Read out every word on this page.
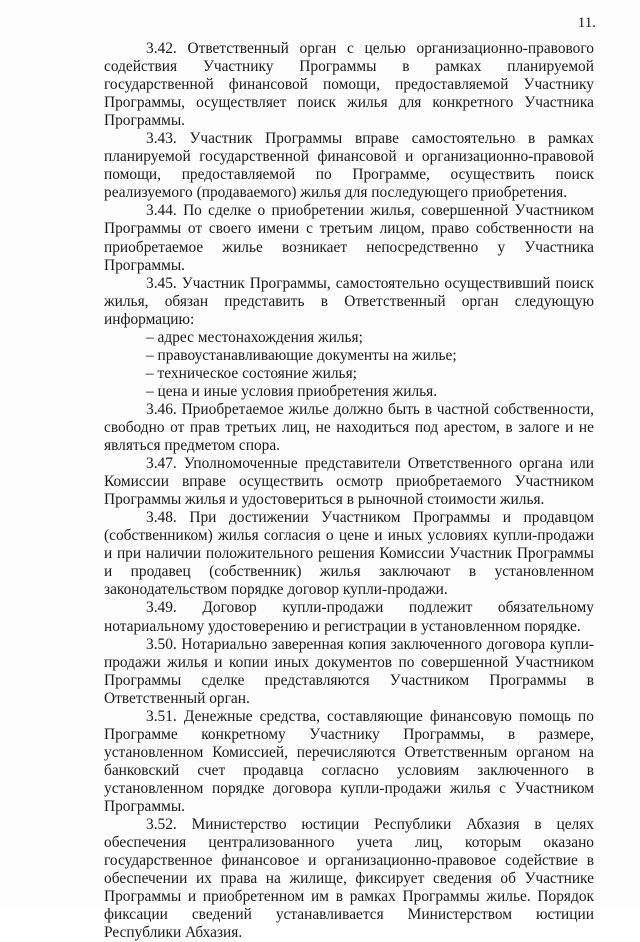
11.

3.42. Ответственный орган с целью организационно-правового содействия Участнику Программы в рамках планируемой государственной финансовой помощи, предоставляемой Участнику Программы, осуществляет поиск жилья для конкретного Участника Программы.

3.43. Участник Программы вправе самостоятельно в рамках планируемой государственной финансовой и организационно-правовой помощи, предоставляемой по Программе, осуществить поиск реализуемого (продаваемого) жилья для последующего приобретения.

3.44. По сделке о приобретении жилья, совершенной Участником Программы от своего имени с третьим лицом, право собственности на приобретаемое жилье возникает непосредственно у Участника Программы.

3.45. Участник Программы, самостоятельно осуществивший поиск жилья, обязан представить в Ответственный орган следующую информацию:

– адрес местонахождения жилья;

– правоустанавливающие документы на жилье;

– техническое состояние жилья;

– цена и иные условия приобретения жилья.

3.46. Приобретаемое жилье должно быть в частной собственности, свободно от прав третьих лиц, не находиться под арестом, в залоге и не являться предметом спора.

3.47. Уполномоченные представители Ответственного органа или Комиссии вправе осуществить осмотр приобретаемого Участником Программы жилья и удостовериться в рыночной стоимости жилья.

3.48. При достижении Участником Программы и продавцом (собственником) жилья согласия о цене и иных условиях купли-продажи и при наличии положительного решения Комиссии Участник Программы и продавец (собственник) жилья заключают в установленном законодательством порядке договор купли-продажи.

3.49. Договор купли-продажи подлежит обязательному нотариальному удостоверению и регистрации в установленном порядке.

3.50. Нотариально заверенная копия заключенного договора купли-продажи жилья и копии иных документов по совершенной Участником Программы сделке представляются Участником Программы в Ответственный орган.

3.51. Денежные средства, составляющие финансовую помощь по Программе конкретному Участнику Программы, в размере, установленном Комиссией, перечисляются Ответственным органом на банковский счет продавца согласно условиям заключенного в установленном порядке договора купли-продажи жилья с Участником Программы.

3.52. Министерство юстиции Республики Абхазия в целях обеспечения централизованного учета лиц, которым оказано государственное финансовое и организационно-правовое содействие в обеспечении их права на жилище, фиксирует сведения об Участнике Программы и приобретенном им в рамках Программы жилье. Порядок фиксации сведений устанавливается Министерством юстиции Республики Абхазия.
